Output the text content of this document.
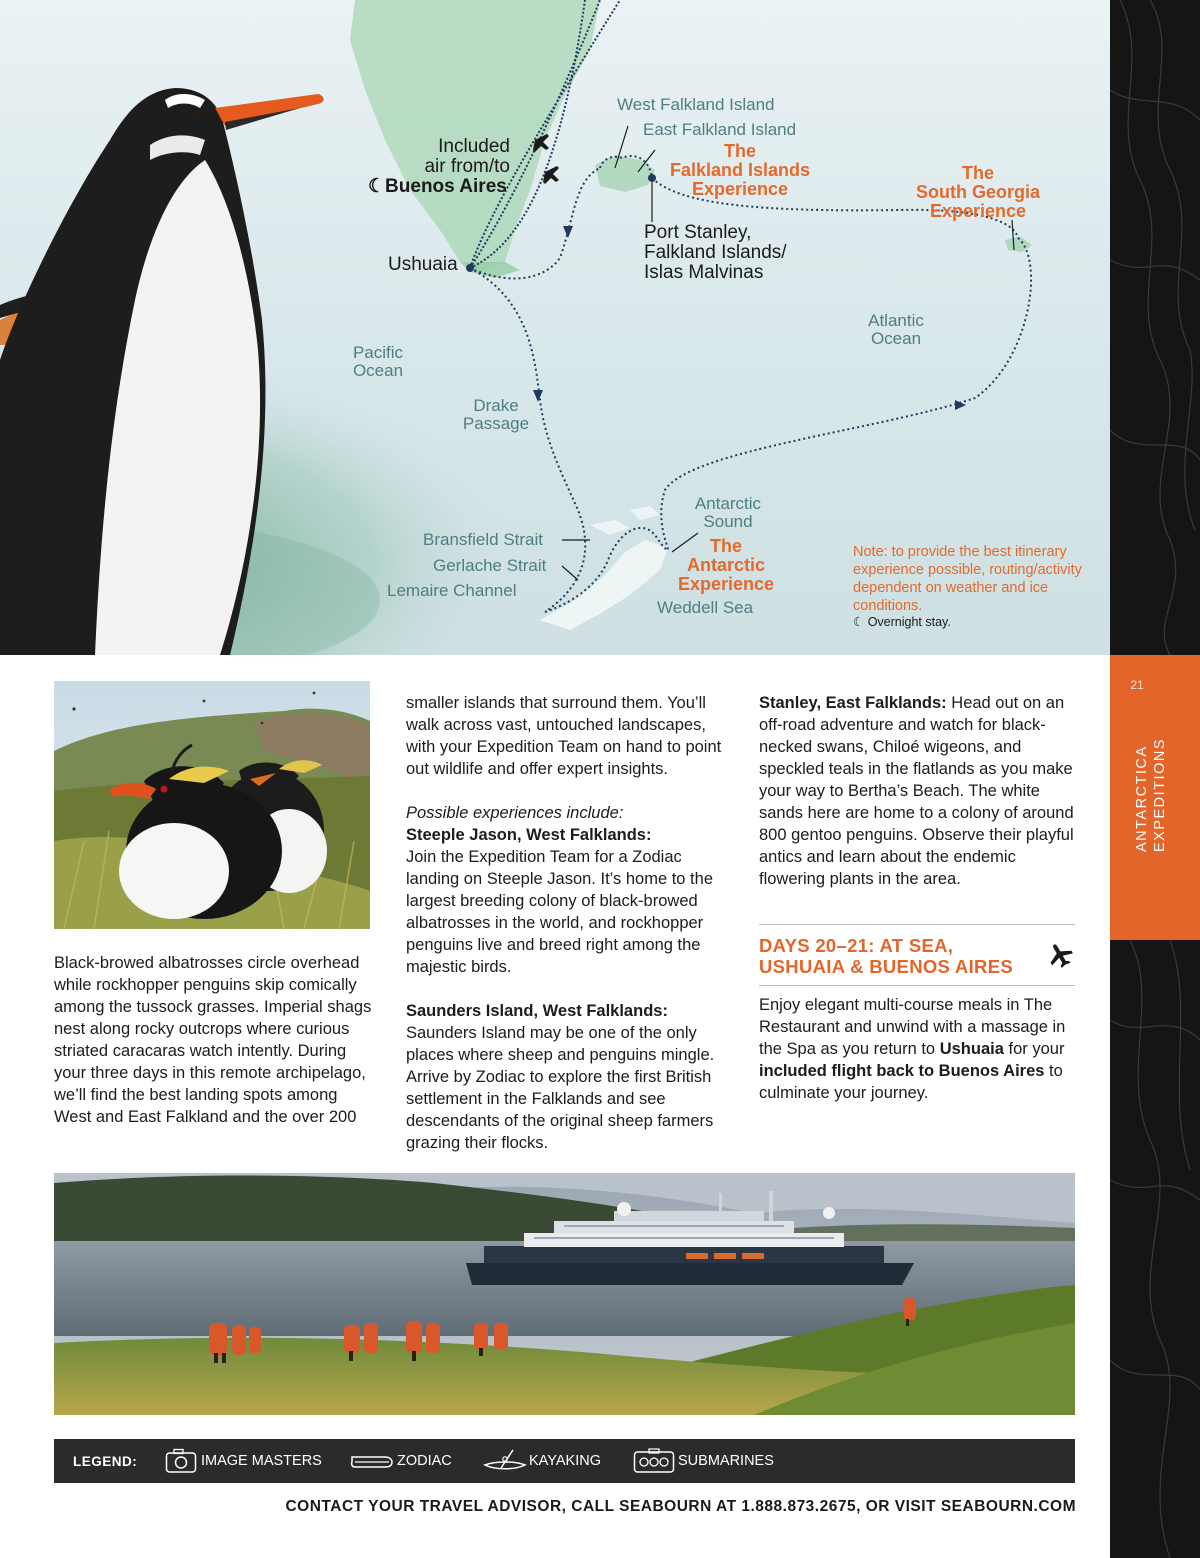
West Falkland Island
East Falkland Island
The
Falkland Islands
Experience
The
South Georgia
Experience
The
Antarctic
Experience
Included
air from/to
☾Buenos Aires
Ushuaia
Port Stanley,
Falkland Islands/
Islas Malvinas
Atlantic
Ocean
Pacific
Ocean
Drake
Passage
Antarctic
Sound
Bransfield Strait
Gerlache Strait
Lemaire Channel
Weddell Sea
Note: to provide the best itinerary experience possible, routing/activity dependent on weather and ice conditions.
☾ Overnight stay.
21
ANTARCTICA EXPEDITIONS

Black-browed albatrosses circle overhead while rockhopper penguins skip comically among the tussock grasses. Imperial shags nest along rocky outcrops where curious striated caracaras watch intently. During your three days in this remote archipelago, we’ll find the best landing spots among West and East Falkland and the over 200

smaller islands that surround them. You’ll walk across vast, untouched landscapes, with your Expedition Team on hand to point out wildlife and offer expert insights.

Possible experiences include:
Steeple Jason, West Falklands:

Join the Expedition Team for a Zodiac landing on Steeple Jason. It’s home to the largest breeding colony of black-browed albatrosses in the world, and rockhopper penguins live and breed right among the majestic birds.

Saunders Island, West Falklands:

Saunders Island may be one of the only places where sheep and penguins mingle. Arrive by Zodiac to explore the first British settlement in the Falklands and see descendants of the original sheep farmers grazing their flocks.

Stanley, East Falklands: Head out on an off-road adventure and watch for black-necked swans, Chiloé wigeons, and speckled teals in the flatlands as you make your way to Bertha’s Beach. The white sands here are home to a colony of around 800 gentoo penguins. Observe their playful antics and learn about the endemic flowering plants in the area.

DAYS 20–21: AT SEA,
USHUAIA & BUENOS AIRES

Enjoy elegant multi-course meals in The Restaurant and unwind with a massage in the Spa as you return to Ushuaia for your included flight back to Buenos Aires to culminate your journey.

LEGEND:	IMAGE MASTERS	ZODIAC	KAYAKING	SUBMARINES
CONTACT YOUR TRAVEL ADVISOR, CALL SEABOURN AT 1.888.873.2675, OR VISIT SEABOURN.COM
